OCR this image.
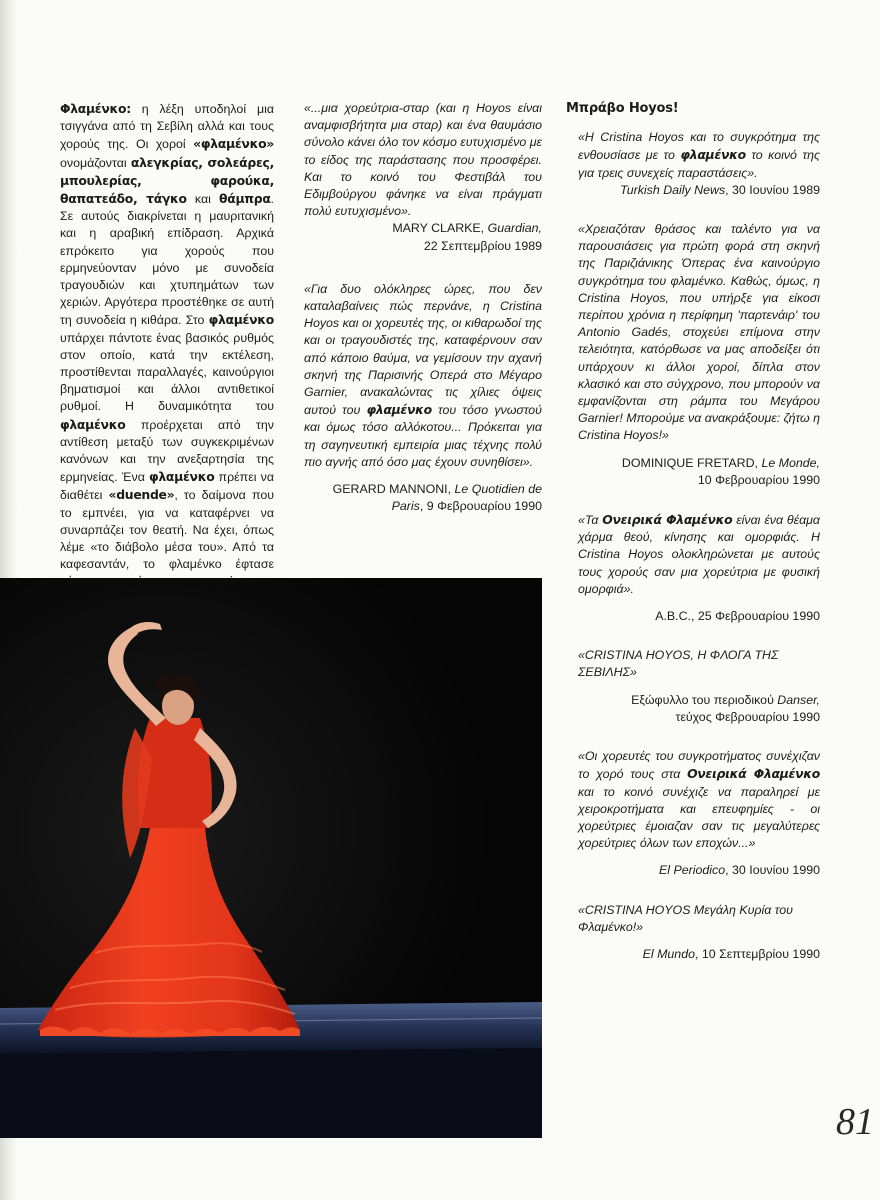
Φλαμένκο: η λέξη υποδηλοί μια τσιγγάνα από τη Σεβίλη αλλά και τους χορούς της. Οι χοροί «φλαμένκο» ονομάζονται αλεγκρίας, σολεάρες, μπουλερίας, φαρούκα, θαπατεάδο, τάγκο και θάμπρα. Σε αυτούς διακρίνεται η μαυριτανική και η αραβική επίδραση. Αρχικά επρόκειτο για χορούς που ερμηνεύονταν μόνο με συνοδεία τραγουδιών και χτυπημάτων των χεριών. Αργότερα προστέθηκε σε αυτή τη συνοδεία η κιθάρα. Στο φλαμένκο υπάρχει πάντοτε ένας βασικός ρυθμός στον οποίο, κατά την εκτέλεση, προστίθενται παραλλαγές, καινούργιοι βηματισμοί και άλλοι αντιθετικοί ρυθμοί. Η δυναμικότητα του φλαμένκο προέρχεται από την αντίθεση μεταξύ των συγκεκριμένων κανόνων και την ανεξαρτησία της ερμηνείας. Ένα φλαμένκο πρέπει να διαθέτει «duende», το δαίμονα που το εμπνέει, για να καταφέρνει να συναρπάζει τον θεατή. Να έχει, όπως λέμε «το διάβολο μέσα του». Από τα καφεσαντάν, το φλαμένκο έφτασε

«...μια χορεύτρια-σταρ (και η Hoyos είναι αναμφισβήτητα μια σταρ) και ένα θαυμάσιο σύνολο κάνει όλο τον κόσμο ευτυχισμένο με το είδος της παράστασης που προσφέρει. Και το κοινό του Φεστιβάλ του Εδιμβούργου φάνηκε να είναι πράγματι πολύ ευτυχισμένο».

MARY CLARKE, Guardian,
22 Σεπτεμβρίου 1989

«Για δυο ολόκληρες ώρες, που δεν καταλαβαίνεις πώς περνάνε, η Cristina Hoyos και οι χορευτές της, οι κιθαρωδοί της και οι τραγουδιστές της, καταφέρνουν σαν από κάποιο θαύμα, να γεμίσουν την αχανή σκηνή της Παρισινής Οπερά στο Μέγαρο Garnier, ανακαλώντας τις χίλιες όψεις αυτού του φλαμένκο του τόσο γνωστού και όμως τόσο αλλόκοτου... Πρόκειται για τη σαγηνευτική εμπειρία μιας τέχνης πολύ πιο αγνής από όσο μας έχουν συνηθίσει».

GERARD MANNONI, Le Quotidien de Paris, 9 Φεβρουαρίου 1990

Μπράβο Hoyos!

«Η Cristina Hoyos και το συγκρότημα της ενθουσίασε με το φλαμένκο το κοινό της για τρεις συνεχείς παραστάσεις».

Turkish Daily News, 30 Ιουνίου 1989

«Χρειαζόταν θράσος και ταλέντο για να παρουσιάσεις για πρώτη φορά στη σκηνή της Παριζιάνικης Όπερας ένα καινούργιο συγκρότημα του φλαμένκο. Καθώς, όμως, η Cristina Hoyos, που υπήρξε για είκοσι περίπου χρόνια η περίφημη 'παρτενάιρ' του Antonio Gadés, στοχεύει επίμονα στην τελειότητα, κατόρθωσε να μας αποδείξει ότι υπάρχουν κι άλλοι χοροί, δίπλα στον κλασικό και στο σύγχρονο, που μπορούν να εμφανίζονται στη ράμπα του Μεγάρου Garnier! Μπορούμε να ανακράξουμε: ζήτω η Cristina Hoyos!»

DOMINIQUE FRETARD, Le Monde,
10 Φεβρουαρίου 1990

«Τα Ονειρικά Φλαμένκο είναι ένα θέαμα χάρμα θεού, κίνησης και ομορφιάς. Η Cristina Hoyos ολοκληρώνεται με αυτούς τους χορούς σαν μια χορεύτρια με φυσική ομορφιά».

A.B.C., 25 Φεβρουαρίου 1990

«CRISTINA HOYOS, Η ΦΛΟΓΑ ΤΗΣ ΣΕΒΙΛΗΣ»

Εξώφυλλο του περιοδικού Danser,
τεύχος Φεβρουαρίου 1990

«Οι χορευτές του συγκροτήματος συνέχιζαν το χορό τους στα Ονειρικά Φλαμένκο και το κοινό συνέχιζε να παραληρεί με χειροκροτήματα και επευφημίες - οι χορεύτριες έμοιαζαν σαν τις μεγαλύτερες χορεύτριες όλων των εποχών...»

El Periodico, 30 Ιουνίου 1990

«CRISTINA HOYOS Μεγάλη Κυρία του Φλαμένκο!»

El Mundo, 10 Σεπτεμβρίου 1990

81
